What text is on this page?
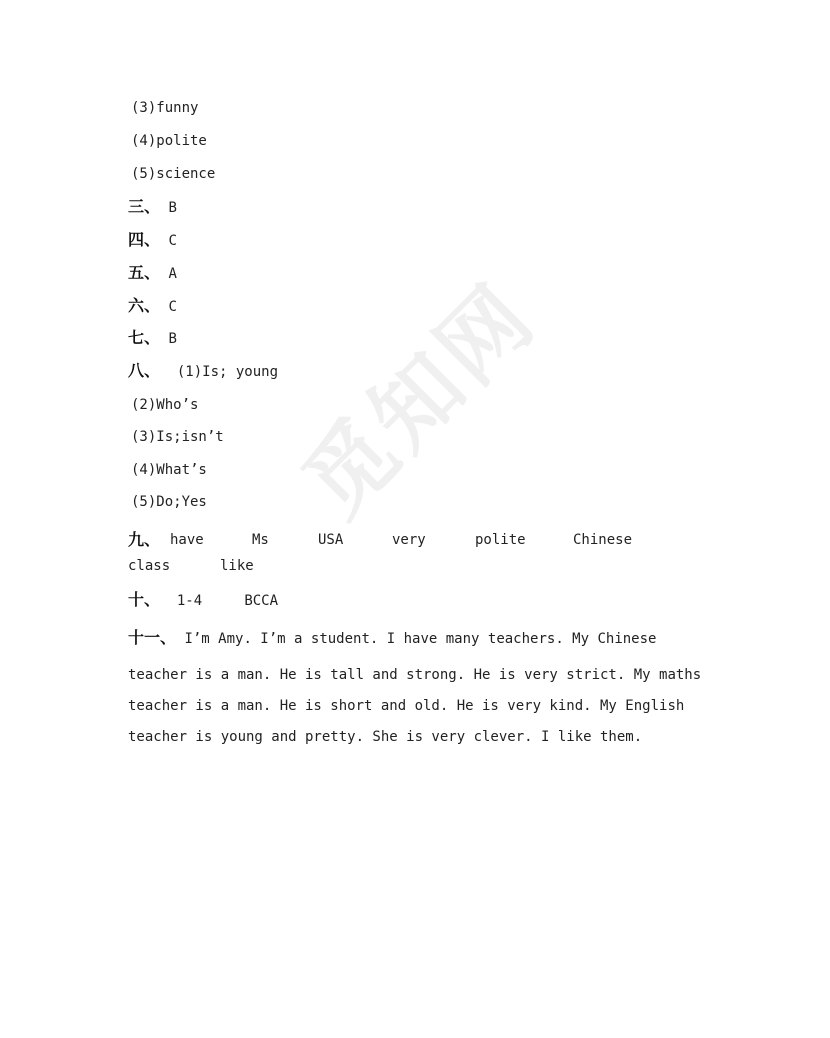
觅知网
(3)funny
(4)polite
(5)science
三、 B
四、 C
五、 A
六、 C
七、 B
八、 (1)Is; young
(2)Who’s
(3)Is;isn’t
(4)What’s
(5)Do;Yes
九、 have	Ms	USA	very	polite	Chinese
class	like
十、 1-4	BCCA

十一、 I’m Amy. I’m a student. I have many teachers. My Chinese

teacher is a man. He is tall and strong. He is very strict. My maths

teacher is a man. He is short and old. He is very kind. My English

teacher is young and pretty. She is very clever. I like them.
